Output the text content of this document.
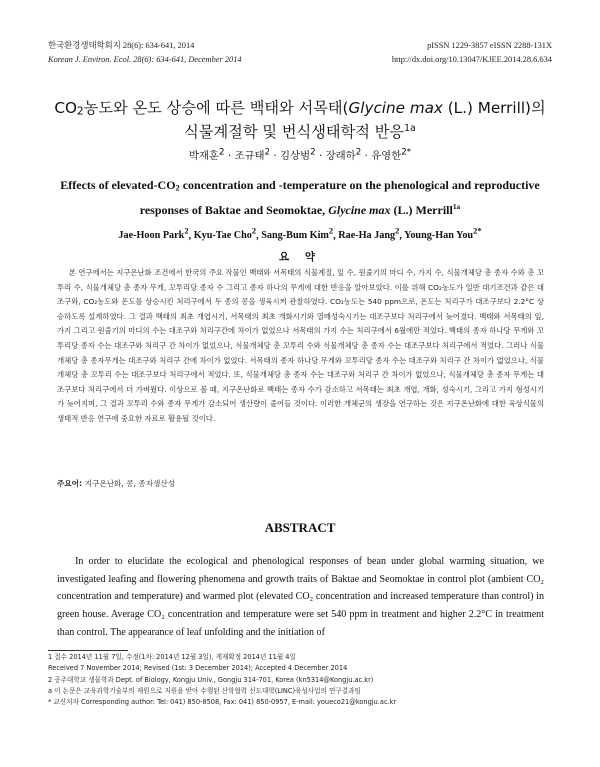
한국환경생태학회지 28(6): 634-641, 2014
Korean J. Environ. Ecol. 28(6): 634-641, December 2014
pISSN 1229-3857 eISSN 2288-131X
http://dx.doi.org/10.13047/KJEE.2014.28.6.634
CO2농도와 온도 상승에 따른 백태와 서목태(Glycine max (L.) Merrill)의
식물계절학 및 번식생태학적 반응$^{1a}$
박재훈$^2$ · 조규태$^2$ · 김상범$^2$ · 장래하$^2$ · 유영한$^{2*}$
Effects of elevated-CO2 concentration and -temperature on the phenological and reproductive
responses of Baktae and Seomoktae, Glycine max (L.) Merrill$^{1a}$
Jae-Hoon Park$^2$, Kyu-Tae Cho$^2$, Sang-Bum Kim$^2$, Rae-Ha Jang$^2$, Young-Han You$^{2*}$
요 약
본 연구에서는 지구온난화 조건에서 한국의 주요 작물인 백태와 서목태의 식물계절, 잎 수, 원줄기의 마디 수, 가지 수, 식물개체당 총 종자 수와 총 꼬투리 수, 식물개체당 총 종자 무게, 꼬투리당 종자 수 그리고 종자 하나의 무게에 대한 반응을 알아보았다. 이를 위해 CO₂농도가 일반 대기조건과 같은 대조구와, CO₂농도와 온도를 상승시킨 처리구에서 두 종의 콩을 생육시켜 관찰하였다. CO₂농도는 540 ppm으로, 온도는 처리구가 대조구보다 2.2°C 상승하도록 설계하였다. 그 결과 백태의 최초 개엽시기, 서목태의 최초 개화시기와 열매성숙시기는 대조구보다 처리구에서 늦어졌다. 백태와 서목태의 잎, 가지 그리고 원줄기의 마디의 수는 대조구와 처리구간에 차이가 없었으나 서목태의 가지 수는 처리구에서 6월에만 적었다. 백태의 종자 하나당 무게와 꼬투리당 종자 수는 대조구와 처리구 간 차이가 없었으나, 식물개체당 총 꼬투리 수와 식물개체당 총 종자 수는 대조구보다 처리구에서 적었다. 그러나 식물개체당 총 종자무게는 대조구와 처리구 간에 차이가 없었다. 서목태의 종자 하나당 무게와 꼬투리당 종자 수는 대조구와 처리구 간 차이가 없었으나, 식물개체당 총 꼬투리 수는 대조구보다 처리구에서 적었다. 또, 식물개체당 총 종자 수는 대조구와 처리구 간 차이가 없었으나, 식물개체당 총 종자 무게는 대조구보다 처리구에서 더 가벼웠다. 이상으로 볼 때, 지구온난화로 백태는 종자 수가 감소하고 서목태는 최초 개엽, 개화, 성숙시기, 그리고 가지 형성시기가 늦어지며, 그 결과 꼬투리 수와 종자 무게가 감소되어 생산량이 줄어들 것이다. 이러한 개체군의 생장을 연구하는 것은 지구온난화에 대한 육상식물의 생태적 반응 연구에 중요한 자료로 활용될 것이다.
주요어: 지구온난화, 콩, 종자생산성
ABSTRACT
In order to elucidate the ecological and phenological responses of bean under global warming situation, we investigated leafing and flowering phenomena and growth traits of Baktae and Seomoktae in control plot (ambient CO₂ concentration and temperature) and warmed plot (elevated CO₂ concentration and increased temperature than control) in green house. Average CO₂ concentration and temperature were set 540 ppm in treatment and higher 2.2°C in treatment than control. The appearance of leaf unfolding and the initiation of
1 접수 2014년 11월 7일, 수정(1차: 2014년 12월 3일), 게재확정 2014년 11월 4일
Received 7 November 2014; Revised (1st: 3 December 2014); Accepted 4 December 2014
2 공주대학교 생물학과 Dept. of Biology, Kongju Univ., Gongju 314-701, Korea (kn5314@Kongju.ac.kr)
a 이 논문은 교육과학기술부의 재원으로 지원을 받아 수행된 산학협력 선도대학(LINC)육성사업의 연구결과임
* 교신저자 Corresponding author: Tel: 041) 850-8508, Fax: 041) 850-0957, E-mail: youeco21@kongju.ac.kr
